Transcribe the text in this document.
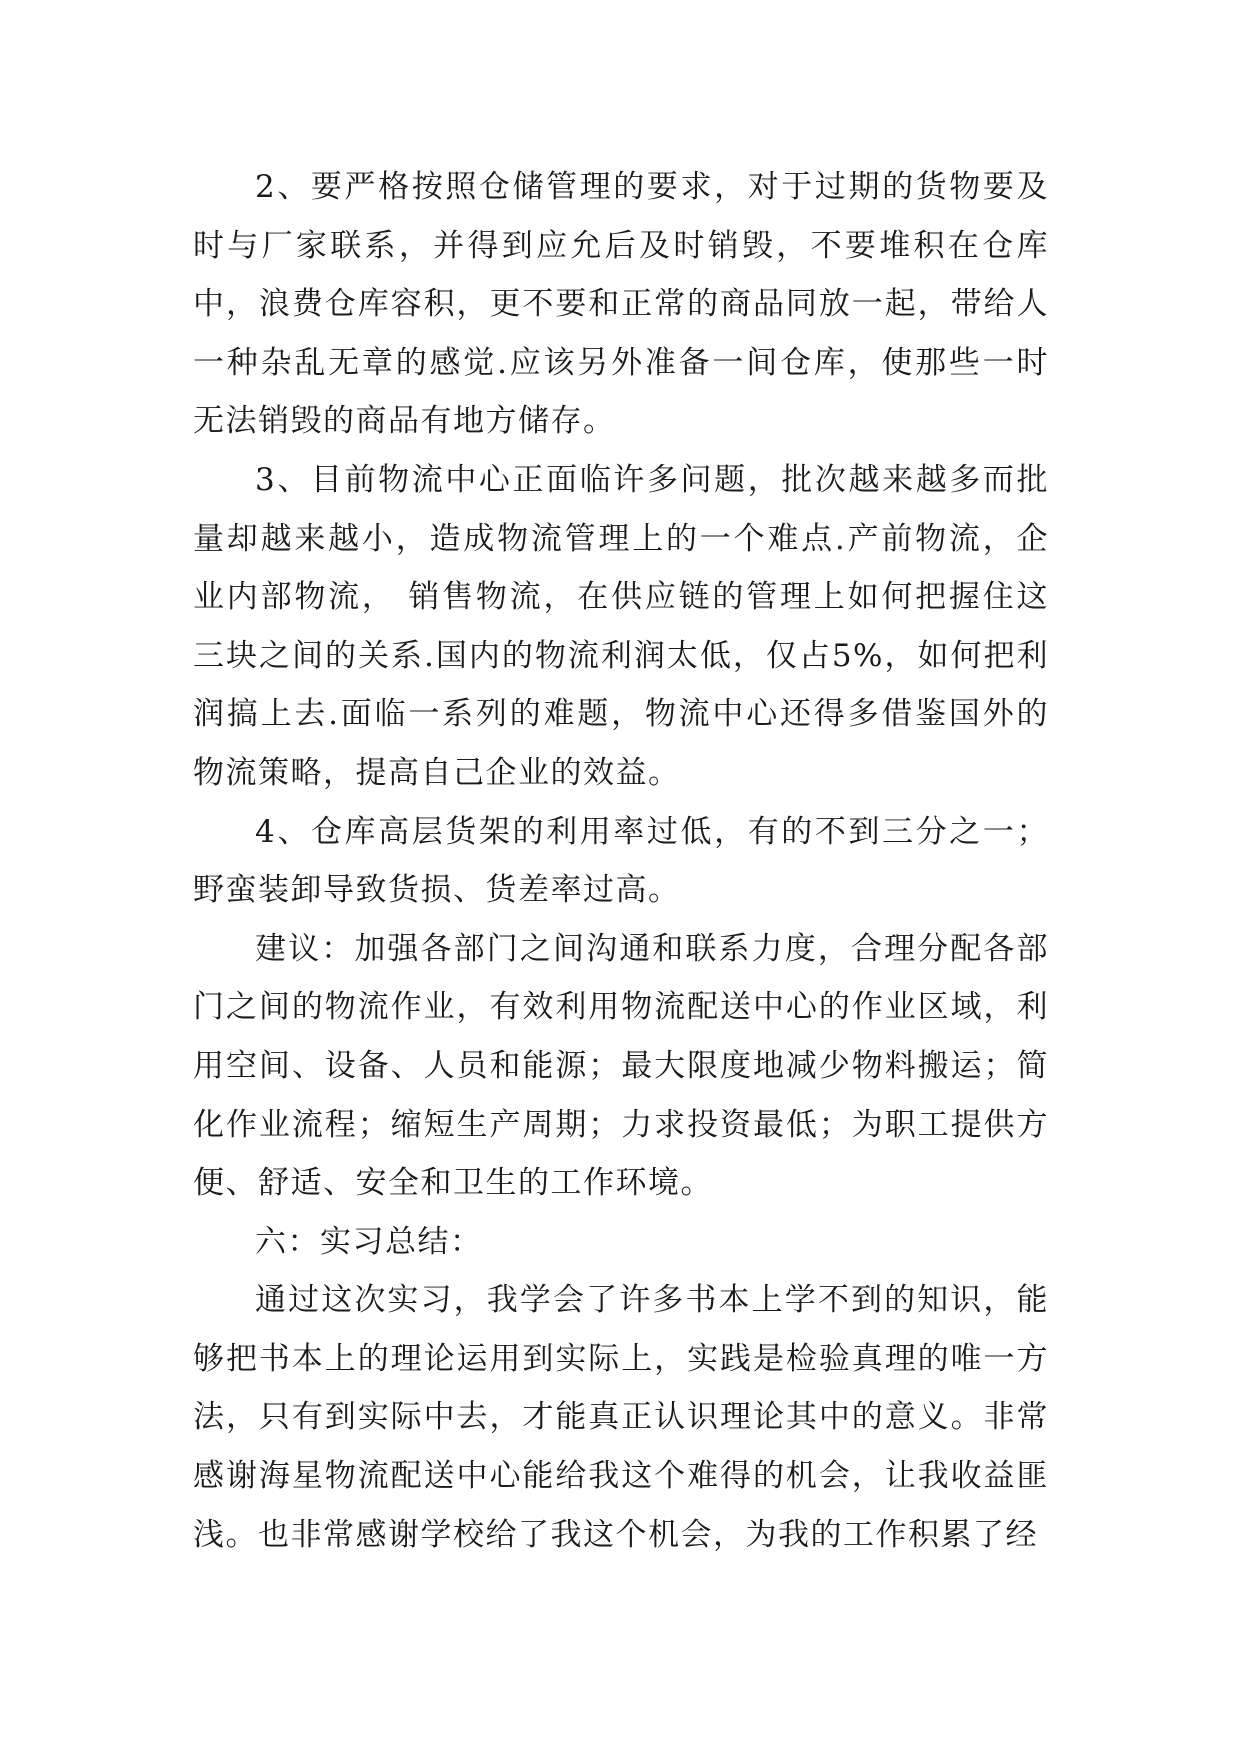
2、要严格按照仓储管理的要求，对于过期的货物要及时与厂家联系，并得到应允后及时销毁，不要堆积在仓库中，浪费仓库容积，更不要和正常的商品同放一起，带给人一种杂乱无章的感觉.应该另外准备一间仓库，使那些一时无法销毁的商品有地方储存。

3、目前物流中心正面临许多问题，批次越来越多而批量却越来越小，造成物流管理上的一个难点.产前物流，企业内部物流， 销售物流，在供应链的管理上如何把握住这三块之间的关系.国内的物流利润太低，仅占5%，如何把利润搞上去.面临一系列的难题，物流中心还得多借鉴国外的物流策略，提高自己企业的效益。

4、仓库高层货架的利用率过低，有的不到三分之一；野蛮装卸导致货损、货差率过高。

建议：加强各部门之间沟通和联系力度，合理分配各部门之间的物流作业，有效利用物流配送中心的作业区域，利用空间、设备、人员和能源；最大限度地减少物料搬运；简化作业流程；缩短生产周期；力求投资最低；为职工提供方便、舒适、安全和卫生的工作环境。

六：实习总结：

通过这次实习，我学会了许多书本上学不到的知识，能够把书本上的理论运用到实际上，实践是检验真理的唯一方法，只有到实际中去，才能真正认识理论其中的意义。非常感谢海星物流配送中心能给我这个难得的机会，让我收益匪浅。也非常感谢学校给了我这个机会，为我的工作积累了经
